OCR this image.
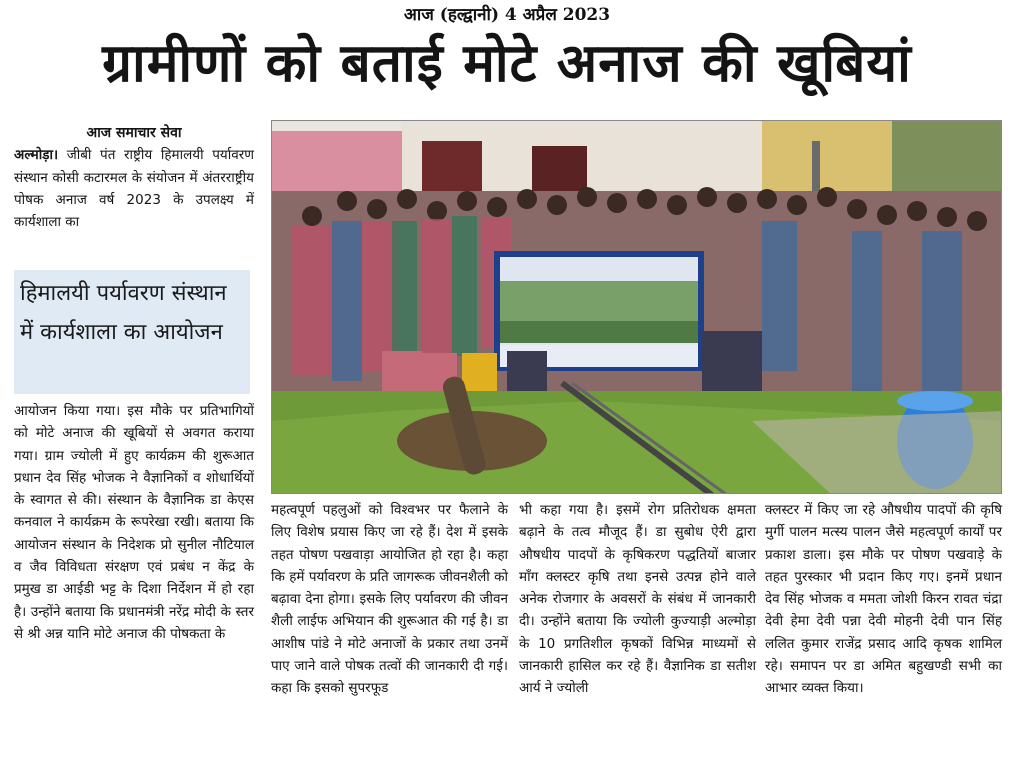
आज (हल्द्वानी) 4 अप्रैल 2023
ग्रामीणों को बताई मोटे अनाज की खूबियां

आज समाचार सेवा

अल्मोड़ा। जीबी पंत राष्ट्रीय हिमालयी पर्यावरण संस्थान कोसी कटारमल के संयोजन में अंतरराष्ट्रीय पोषक अनाज वर्ष 2023 के उपलक्ष्य में कार्यशाला का

हिमालयी पर्यावरण संस्थान में कार्यशाला का आयोजन

आयोजन किया गया। इस मौके पर प्रतिभागियों को मोटे अनाज की खूबियों से अवगत कराया गया। ग्राम ज्योली में हुए कार्यक्रम की शुरूआत प्रधान देव सिंह भोजक ने वैज्ञानिकों व शोधार्थियों के स्वागत से की। संस्थान के वैज्ञानिक डा केएस कनवाल ने कार्यक्रम के रूपरेखा रखी। बताया कि आयोजन संस्थान के निदेशक प्रो सुनील नौटियाल व जैव विविधता संरक्षण एवं प्रबंध न केंद्र के प्रमुख डा आईडी भट्ट के दिशा निर्देशन में हो रहा है। उन्होंने बताया कि प्रधानमंत्री नरेंद्र मोदी के स्तर से श्री अन्न यानि मोटे अनाज की पोषकता के

महत्वपूर्ण पहलुओं को विश्वभर पर फैलाने के लिए विशेष प्रयास किए जा रहे हैं। देश में इसके तहत पोषण पखवाड़ा आयोजित हो रहा है। कहा कि हमें पर्यावरण के प्रति जागरूक जीवनशैली को बढ़ावा देना होगा। इसके लिए पर्यावरण की जीवन शैली लाईफ अभियान की शुरूआत की गई है। डा आशीष पांडे ने मोटे अनाजों के प्रकार तथा उनमें पाए जाने वाले पोषक तत्वों की जानकारी दी गई। कहा कि इसको सुपरफूड

भी कहा गया है। इसमें रोग प्रतिरोधक क्षमता बढ़ाने के तत्व मौजूद हैं। डा सुबोध ऐरी द्वारा औषधीय पादपों के कृषिकरण पद्धतियों बाजार माँग क्लस्टर कृषि तथा इनसे उत्पन्न होने वाले अनेक रोजगार के अवसरों के संबंध में जानकारी दी। उन्होंने बताया कि ज्योली कुज्याड़ी अल्मोड़ा के 10 प्रगतिशील कृषकों विभिन्न माध्यमों से जानकारी हासिल कर रहे हैं। वैज्ञानिक डा सतीश आर्य ने ज्योली

क्लस्टर में किए जा रहे औषधीय पादपों की कृषि मुर्गी पालन मत्स्य पालन जैसे महत्वपूर्ण कार्यों पर प्रकाश डाला। इस मौके पर पोषण पखवाड़े के तहत पुरस्कार भी प्रदान किए गए। इनमें प्रधान देव सिंह भोजक व ममता जोशी किरन रावत चंद्रा देवी हेमा देवी पन्ना देवी मोहनी देवी पान सिंह ललित कुमार राजेंद्र प्रसाद आदि कृषक शामिल रहे। समापन पर डा अमित बहुखण्डी सभी का आभार व्यक्त किया।
